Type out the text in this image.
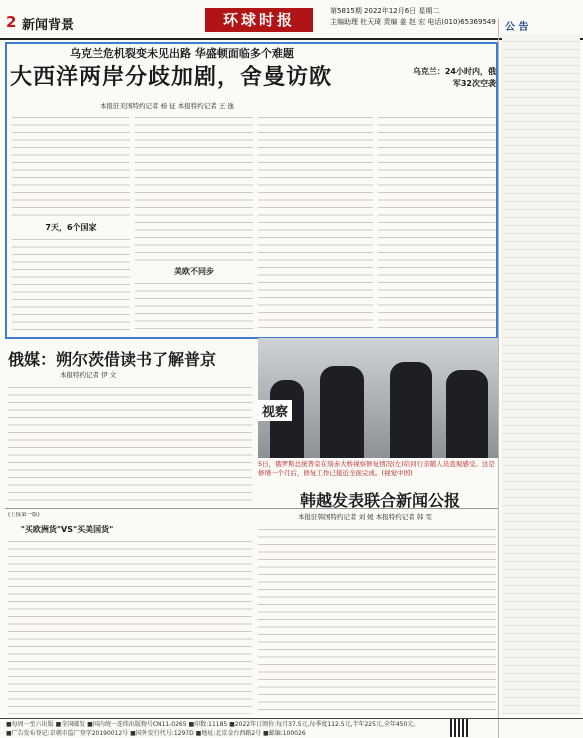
2 新闻背景	环球时报	第5815期 2022年12月6日 星期二
主编助理 杜天琦 责编 姜 赵 宏 电话(010)65369549 公 告
乌克兰危机裂变未见出路 华盛顿面临多个难题
大西洋两岸分歧加剧，舍曼访欧
本报驻美国特约记者 杨 征 本报特约记者 王 逸
乌克兰：24小时内，俄军32次空袭
7天，6个国家
美欧不同步
俄媒：朔尔茨借读书了解普京
本报特约记者 伊 文
视察
5日，俄罗斯总统普京在刻赤大桥视察修复情况(左)给同行亲随人员直观感受。这是修缮一个月后，修复工作已接近全面完成。(视觉中国)
(上接第一版)
"买欧洲货"VS"买美国货"
韩越发表联合新闻公报
本报驻韩国特约记者 刘 媛 本报特约记者 韩 雯
■每周一至六出版 ■全国邮发 ■国内统一连续出版物号CN11-0265 ■印数:11185 ■2022年订阅价:每月37.5元,每季度112.5元,半年225元,全年450元。
■广告发布登记:京朝市监广登字20190012号 ■国外发行代号:1297D ■地址:北京金台西路2号 ■邮编:100026
